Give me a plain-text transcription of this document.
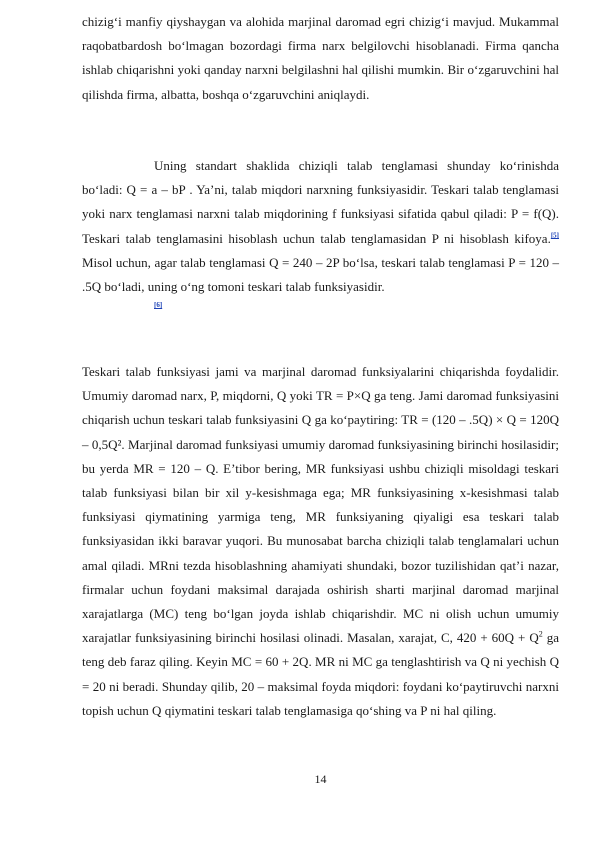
chizig‘i manfiy qiyshaygan va alohida marjinal daromad egri chizig‘i mavjud. Mukammal raqobatbardosh bo‘lmagan bozordagi firma narx belgilovchi hisoblanadi. Firma qancha ishlab chiqarishni yoki qanday narxni belgilashni hal qilishi mumkin. Bir o‘zgaruvchini hal qilishda firma, albatta, boshqa o‘zgaruvchini aniqlaydi.

Uning standart shaklida chiziqli talab tenglamasi shunday ko‘rinishda bo‘ladi: Q = a – bP . Ya’ni, talab miqdori narxning funksiyasidir. Teskari talab tenglamasi yoki narx tenglamasi narxni talab miqdorining f funksiyasi sifatida qabul qiladi: P = f(Q). Teskari talab tenglamasini hisoblash uchun talab tenglamasidan P ni hisoblash kifoya.[5] Misol uchun, agar talab tenglamasi Q = 240 – 2P bo‘lsa, teskari talab tenglamasi P = 120 – .5Q bo‘ladi, uning o‘ng tomoni teskari talab funksiyasidir.
[6]

Teskari talab funksiyasi jami va marjinal daromad funksiyalarini chiqarishda foydalidir. Umumiy daromad narx, P, miqdorni, Q yoki TR = P×Q ga teng. Jami daromad funksiyasini chiqarish uchun teskari talab funksiyasini Q ga ko‘paytiring: TR = (120 – .5Q) × Q = 120Q – 0,5Q². Marjinal daromad funksiyasi umumiy daromad funksiyasining birinchi hosilasidir; bu yerda MR = 120 – Q. E’tibor bering, MR funksiyasi ushbu chiziqli misoldagi teskari talab funksiyasi bilan bir xil y-kesishmaga ega; MR funksiyasining x-kesishmasi talab funksiyasi qiymatining yarmiga teng, MR funksiyaning qiyaligi esa teskari talab funksiyasidan ikki baravar yuqori. Bu munosabat barcha chiziqli talab tenglamalari uchun amal qiladi. MRni tezda hisoblashning ahamiyati shundaki, bozor tuzilishidan qat’i nazar, firmalar uchun foydani maksimal darajada oshirish sharti marjinal daromad marjinal xarajatlarga (MC) teng bo‘lgan joyda ishlab chiqarishdir. MC ni olish uchun umumiy xarajatlar funksiyasining birinchi hosilasi olinadi. Masalan, xarajat, C, $420 + 60Q + Q^2$ ga teng deb faraz qiling. Keyin MC = 60 + 2Q. MR ni MC ga tenglashtirish va Q ni yechish Q = 20 ni beradi. Shunday qilib, 20 – maksimal foyda miqdori: foydani ko‘paytiruvchi narxni topish uchun Q qiymatini teskari talab tenglamasiga qo‘shing va P ni hal qiling.

14
